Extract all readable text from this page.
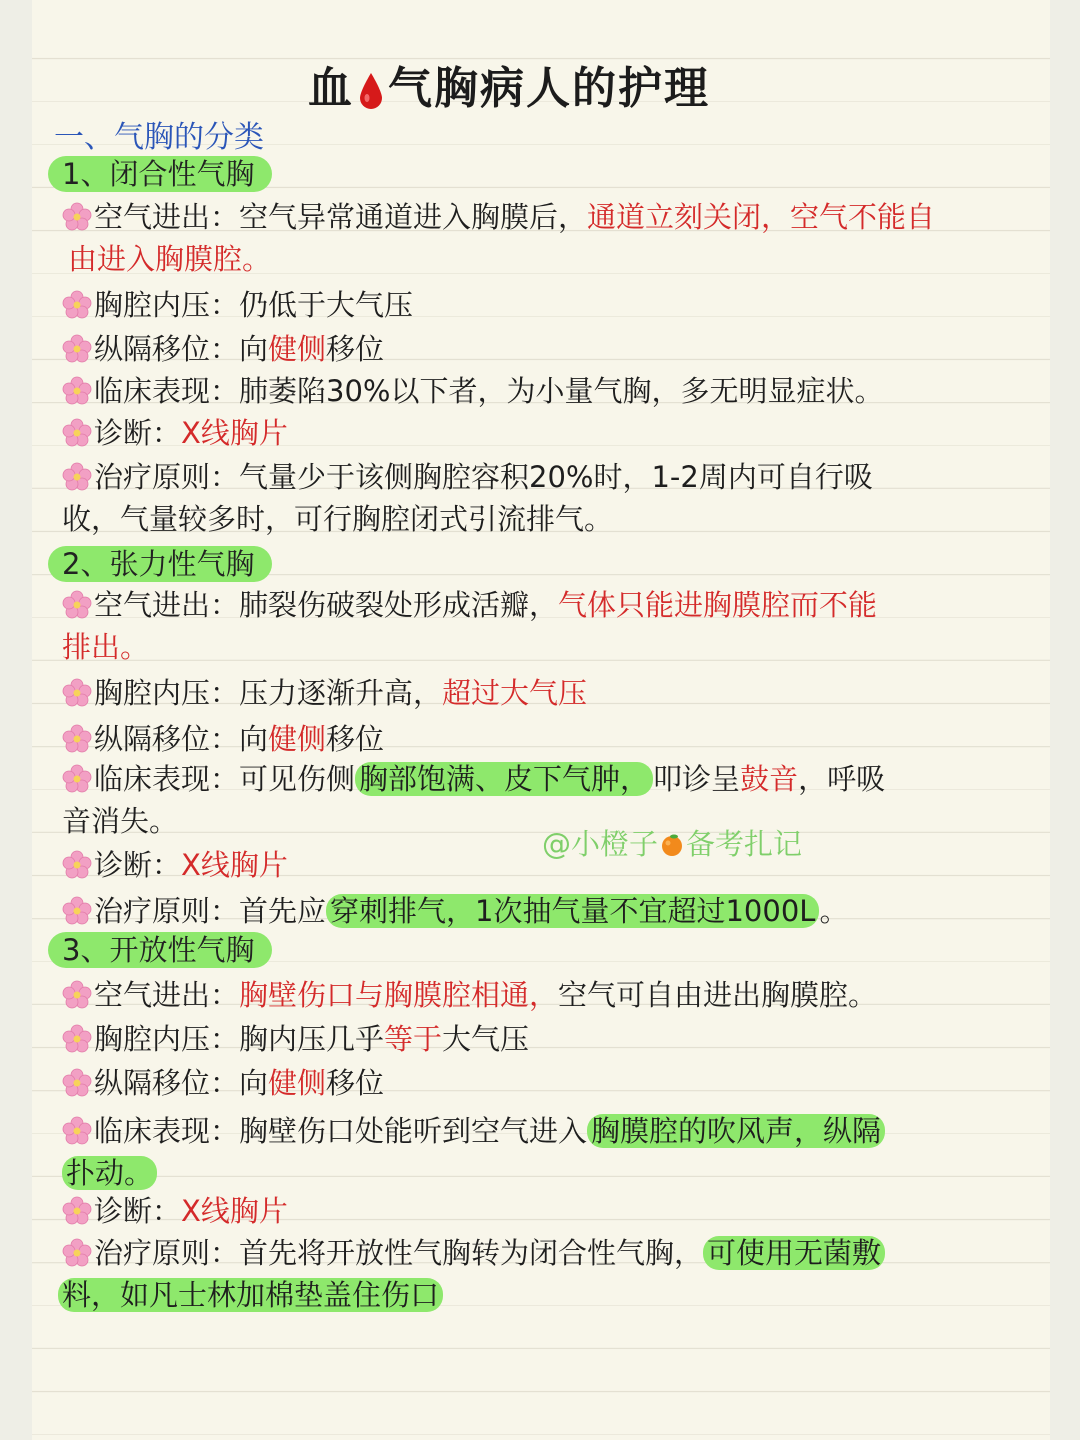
血 气胸病人的护理
一、气胸的分类
1、闭合性气胸
空气进出：空气异常通道进入胸膜后，通道立刻关闭，空气不能自
由进入胸膜腔。
胸腔内压：仍低于大气压
纵隔移位：向健侧移位
临床表现：肺萎陷30%以下者，为小量气胸，多无明显症状。
诊断：X线胸片
治疗原则：气量少于该侧胸腔容积20%时，1-2周内可自行吸
收，气量较多时，可行胸腔闭式引流排气。
2、张力性气胸
空气进出：肺裂伤破裂处形成活瓣，气体只能进胸膜腔而不能
排出。
胸腔内压：压力逐渐升高，超过大气压
纵隔移位：向健侧移位
临床表现：可见伤侧 胸部饱满、皮下气肿， 叩诊呈鼓音，呼吸
音消失。
@小橙子 备考扎记
诊断：X线胸片
治疗原则：首先应 穿刺排气，1次抽气量不宜超过1000L 。
3、开放性气胸
空气进出：胸壁伤口与胸膜腔相通，空气可自由进出胸膜腔。
胸腔内压：胸内压几乎等于大气压
纵隔移位：向健侧移位
临床表现：胸壁伤口处能听到空气进入 胸膜腔的吹风声，纵隔
扑动。
诊断：X线胸片
治疗原则：首先将开放性气胸转为闭合性气胸， 可使用无菌敷
料，如凡士林加棉垫盖住伤口
